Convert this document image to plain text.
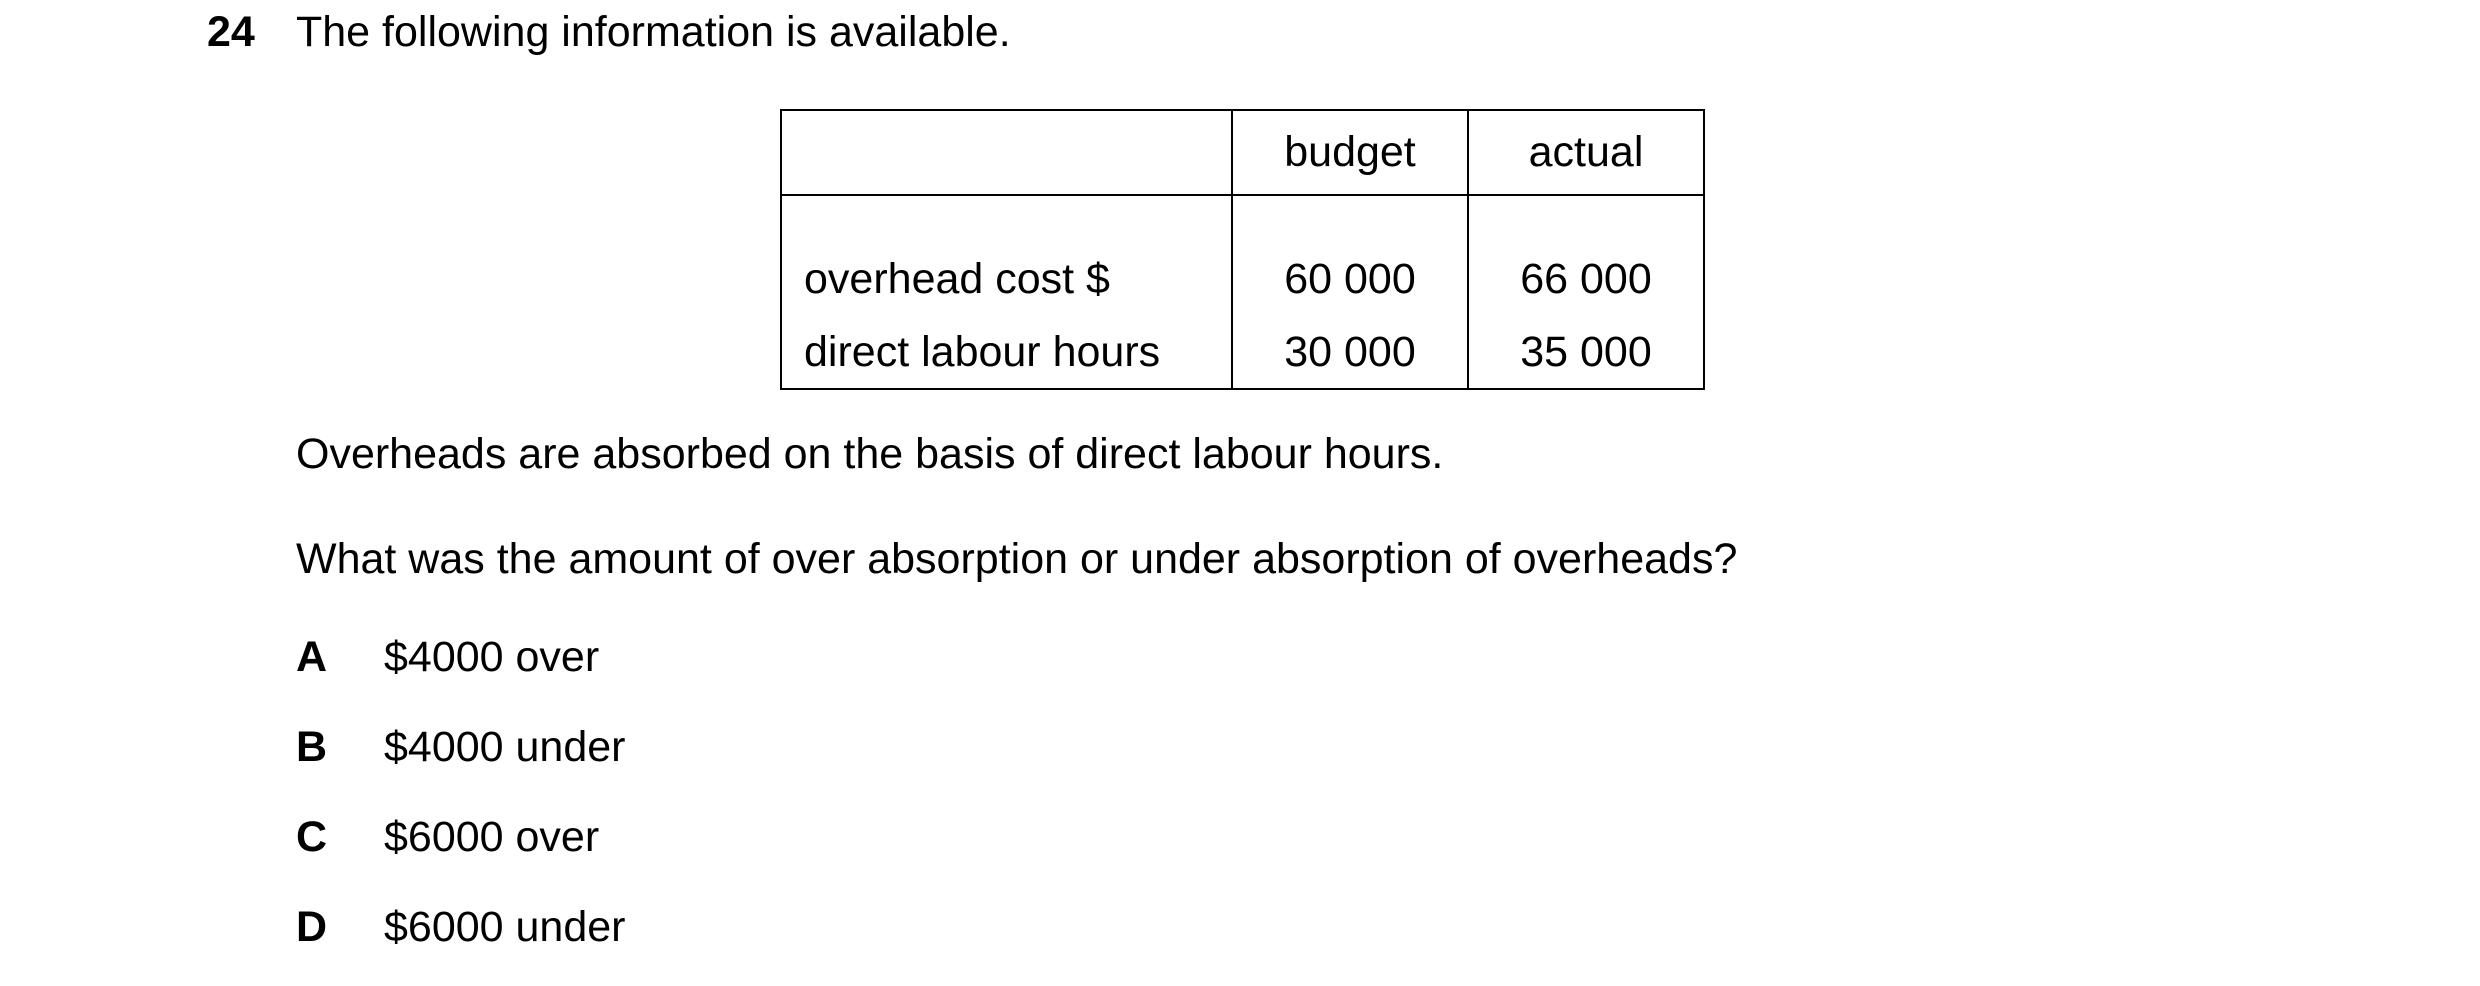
24 The following information is available.
	budget	actual
overhead cost $	60 000	66 000
direct labour hours	30 000	35 000
Overheads are absorbed on the basis of direct labour hours.
What was the amount of over absorption or under absorption of overheads?
A $4000 over
B $4000 under
C $6000 over
D $6000 under
